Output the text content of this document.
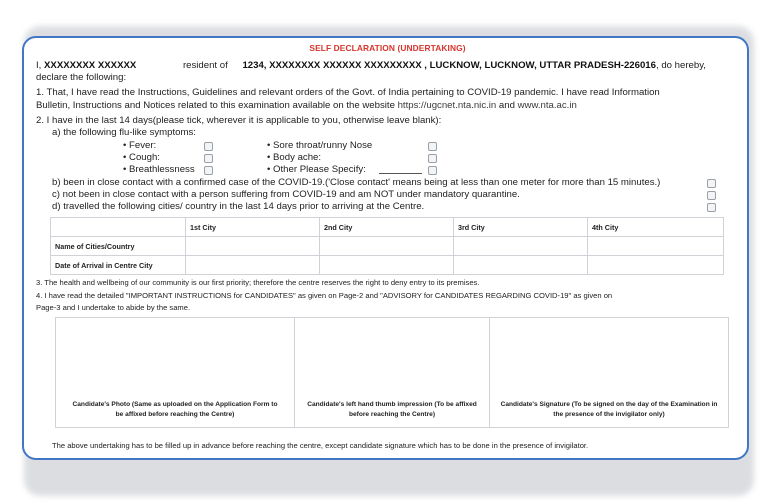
SELF DECLARATION (UNDERTAKING)
I, XXXXXXXX XXXXXX	resident of 1234, XXXXXXXX XXXXXX XXXXXXXXX , LUCKNOW, LUCKNOW, UTTAR PRADESH-226016, do hereby,
declare the following:
1. That, I have read the Instructions, Guidelines and relevant orders of the Govt. of India pertaining to COVID-19 pandemic. I have read Information
Bulletin, Instructions and Notices related to this examination available on the website https://ugcnet.nta.nic.in and www.nta.ac.in
2. I have in the last 14 days(please tick, wherever it is applicable to you, otherwise leave blank):
a) the following flu-like symptoms:
• Fever:
• Cough:
• Breathlessness
• Sore throat/runny Nose
• Body ache:
• Other Please Specify:
b) been in close contact with a confirmed case of the COVID-19.('Close contact' means being at less than one meter for more than 15 minutes.)
c) not been in close contact with a person suffering from COVID-19 and am NOT under mandatory quarantine.
d) travelled the following cities/ country in the last 14 days prior to arriving at the Centre.
	1st City	2nd City	3rd City	4th City
Name of Cities/Country				
Date of Arrival in Centre City				
3. The health and wellbeing of our community is our first priority; therefore the centre reserves the right to deny entry to its premises.
4. I have read the detailed "IMPORTANT INSTRUCTIONS for CANDIDATES" as given on Page-2 and "ADVISORY for CANDIDATES REGARDING COVID-19" as given on
Page-3 and I undertake to abide by the same.
Candidate's Photo (Same as uploaded on the Application Form to
be affixed before reaching the Centre)	Candidate's left hand thumb impression (To be affixed
before reaching the Centre)	Candidate's Signature (To be signed on the day of the Examination in
the presence of the invigilator only)
The above undertaking has to be filled up in advance before reaching the centre, except candidate signature which has to be done in the presence of invigilator.
